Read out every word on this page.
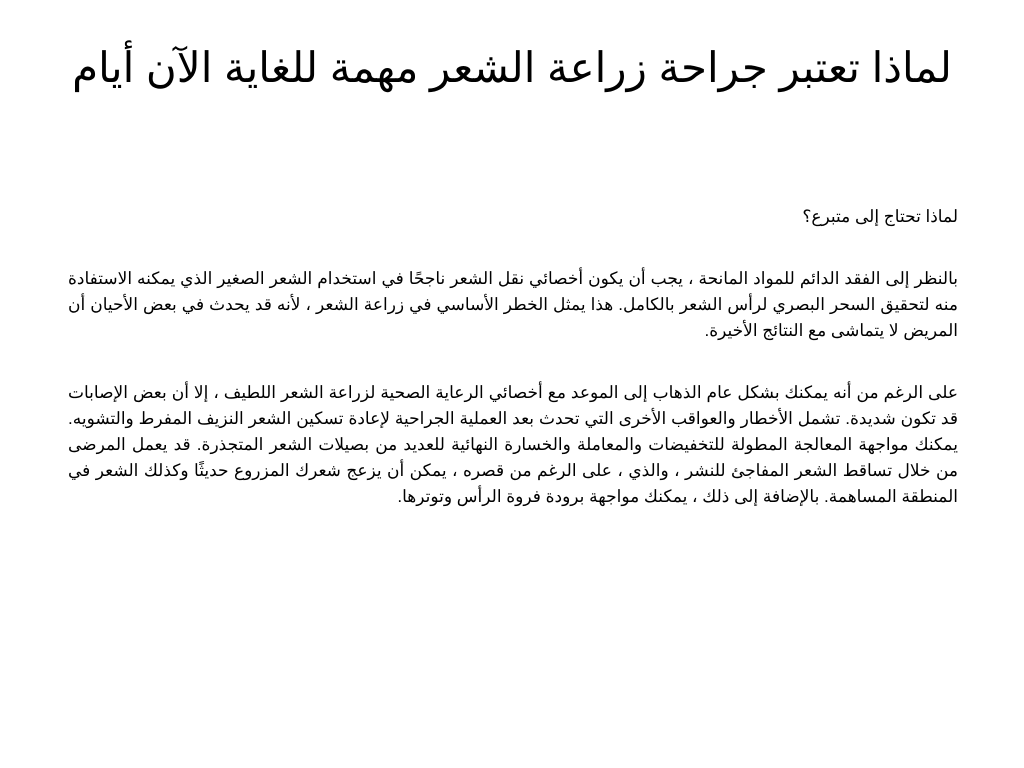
لماذا تعتبر جراحة زراعة الشعر مهمة للغاية الآن أيام

لماذا تحتاج إلى متبرع؟

بالنظر إلى الفقد الدائم للمواد المانحة ، يجب أن يكون أخصائي نقل الشعر ناجحًا في استخدام الشعر الصغير الذي يمكنه الاستفادة منه لتحقيق السحر البصري لرأس الشعر بالكامل. هذا يمثل الخطر الأساسي في زراعة الشعر ، لأنه قد يحدث في بعض الأحيان أن المريض لا يتماشى مع النتائج الأخيرة.

على الرغم من أنه يمكنك بشكل عام الذهاب إلى الموعد مع أخصائي الرعاية الصحية لزراعة الشعر اللطيف ، إلا أن بعض الإصابات قد تكون شديدة. تشمل الأخطار والعواقب الأخرى التي تحدث بعد العملية الجراحية لإعادة تسكين الشعر النزيف المفرط والتشويه. يمكنك مواجهة المعالجة المطولة للتخفيضات والمعاملة والخسارة النهائية للعديد من بصيلات الشعر المتجذرة. قد يعمل المرضى من خلال تساقط الشعر المفاجئ للنشر ، والذي ، على الرغم من قصره ، يمكن أن يزعج شعرك المزروع حديثًا وكذلك الشعر في المنطقة المساهمة. بالإضافة إلى ذلك ، يمكنك مواجهة برودة فروة الرأس وتوترها.
